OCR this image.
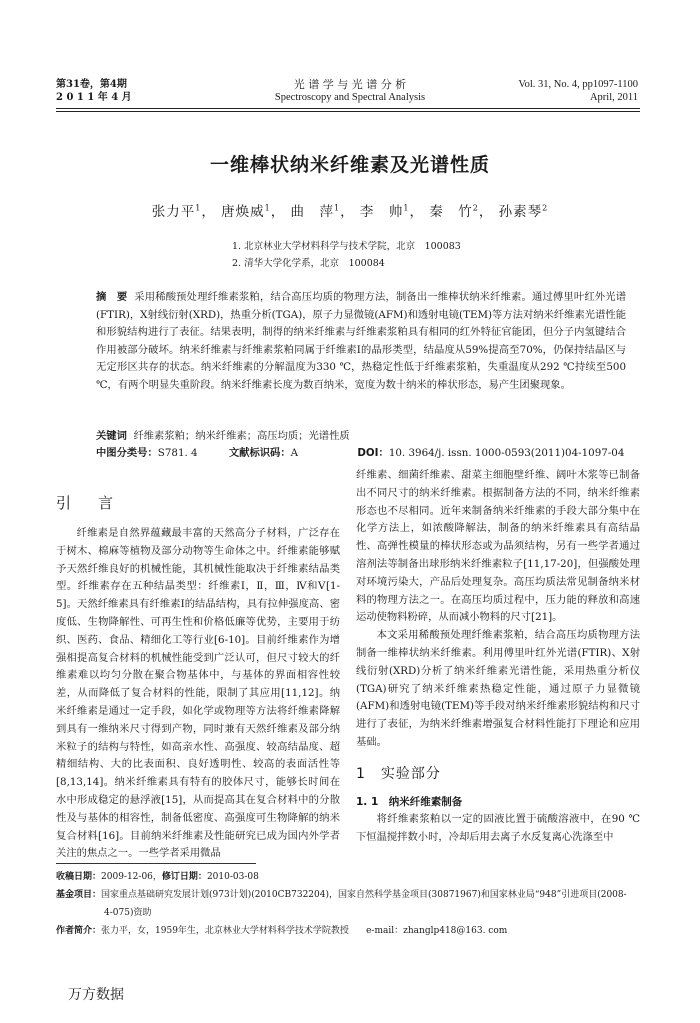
第31卷，第4期
2 0 1 1 年 4 月
光 谱 学 与 光 谱 分 析
Spectroscopy and Spectral Analysis
Vol. 31, No. 4, pp1097-1100
April, 2011
一维棒状纳米纤维素及光谱性质
张力平$^1$， 唐焕威$^1$， 曲　萍$^1$， 李　帅$^1$， 秦　竹$^2$， 孙素琴$^2$
1. 北京林业大学材料科学与技术学院，北京　100083
2. 清华大学化学系，北京　100084
摘　要 采用稀酸预处理纤维素浆粕，结合高压均质的物理方法，制备出一维棒状纳米纤维素。通过傅里叶红外光谱(FTIR)，X射线衍射(XRD)，热重分析(TGA)，原子力显微镜(AFM)和透射电镜(TEM)等方法对纳米纤维素光谱性能和形貌结构进行了表征。结果表明，制得的纳米纤维素与纤维素浆粕具有相同的红外特征官能团，但分子内氢键结合作用被部分破坏。纳米纤维素与纤维素浆粕同属于纤维素Ⅰ的晶形类型，结晶度从59%提高至70%，仍保持结晶区与无定形区共存的状态。纳米纤维素的分解温度为330 ℃，热稳定性低于纤维素浆粕，失重温度从292 ℃持续至500 ℃，有两个明显失重阶段。纳米纤维素长度为数百纳米，宽度为数十纳米的棒状形态，易产生团聚现象。
关键词 纤维素浆粕；纳米纤维素；高压均质；光谱性质
中图分类号：S781. 4	文献标识码：A	DOI：10. 3964/j. issn. 1000-0593(2011)04-1097-04
引　言

纤维素是自然界蕴藏最丰富的天然高分子材料，广泛存在于树木、棉麻等植物及部分动物等生命体之中。纤维素能够赋予天然纤维良好的机械性能，其机械性能取决于纤维素结晶类型。纤维素存在五种结晶类型：纤维素Ⅰ，Ⅱ，Ⅲ，Ⅳ和Ⅴ[1-5]。天然纤维素具有纤维素Ⅰ的结晶结构，具有拉伸强度高、密度低、生物降解性、可再生性和价格低廉等优势，主要用于纺织、医药、食品、精细化工等行业[6-10]。目前纤维素作为增强相提高复合材料的机械性能受到广泛认可，但尺寸较大的纤维素难以均匀分散在聚合物基体中，与基体的界面相容性较差，从而降低了复合材料的性能，限制了其应用[11,12]。纳米纤维素是通过一定手段，如化学或物理等方法将纤维素降解到具有一维纳米尺寸得到产物，同时兼有天然纤维素及部分纳米粒子的结构与特性，如高亲水性、高强度、较高结晶度、超精细结构、大的比表面积、良好透明性、较高的表面活性等[8,13,14]。纳米纤维素具有特有的胶体尺寸，能够长时间在水中形成稳定的悬浮液[15]，从而提高其在复合材料中的分散性及与基体的相容性，制备低密度、高强度可生物降解的纳米复合材料[16]。目前纳米纤维素及性能研究已成为国内外学者关注的焦点之一。一些学者采用微晶

纤维素、细菌纤维素、甜菜主细胞壁纤维、阔叶木浆等已制备出不同尺寸的纳米纤维素。根据制备方法的不同，纳米纤维素形态也不尽相同。近年来制备纳米纤维素的手段大部分集中在化学方法上，如浓酸降解法，制备的纳米纤维素具有高结晶性、高弹性模量的棒状形态或为晶须结构，另有一些学者通过溶剂法等制备出球形纳米纤维素粒子[11,17-20]，但强酸处理对环境污染大，产品后处理复杂。高压均质法常见制备纳米材料的物理方法之一。在高压均质过程中，压力能的释放和高速运动使物料粉碎，从而减小物料的尺寸[21]。

本文采用稀酸预处理纤维素浆粕，结合高压均质物理方法制备一维棒状纳米纤维素。利用傅里叶红外光谱(FTIR)、X射线衍射(XRD)分析了纳米纤维素光谱性能，采用热重分析仪(TGA)研究了纳米纤维素热稳定性能，通过原子力显微镜(AFM)和透射电镜(TEM)等手段对纳米纤维素形貌结构和尺寸进行了表征，为纳米纤维素增强复合材料性能打下理论和应用基础。

1　实验部分
1. 1　纳米纤维素制备

将纤维素浆粕以一定的固液比置于硫酸溶液中，在90 ℃下恒温搅拌数小时，冷却后用去离子水反复离心洗涤至中

收稿日期：2009-12-06，修订日期：2010-03-08
基金项目：国家重点基础研究发展计划(973计划)(2010CB732204)，国家自然科学基金项目(30871967)和国家林业局“948”引进项目(2008-
4-075)资助
作者简介：张力平，女，1959年生，北京林业大学材料科学技术学院教授 e-mail：zhanglp418@163. com
万方数据
